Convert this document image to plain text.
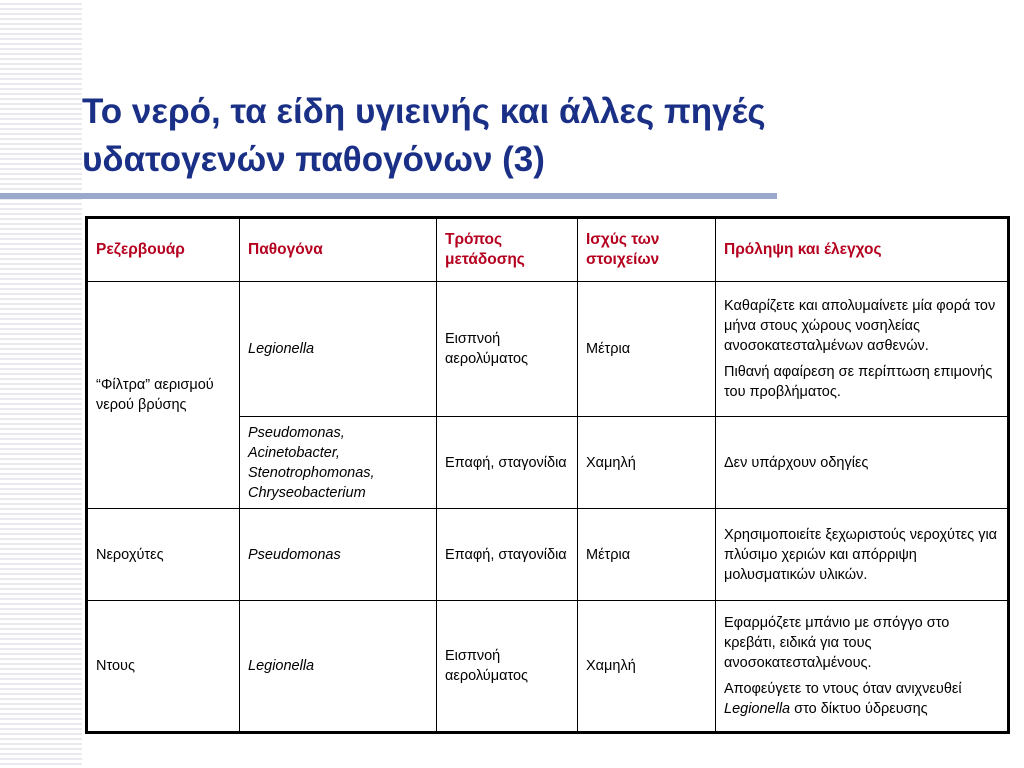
Το νερό, τα είδη υγιεινής και άλλες πηγές
υδατογενών παθογόνων (3)
Ρεζερβουάρ	Παθογόνα	Τρόπος μετάδοσης	Ισχύς των στοιχείων	Πρόληψη και έλεγχος
“Φίλτρα” αερισμού νερού βρύσης	Legionella	Εισπνοή αερολύματος	Μέτρια	Καθαρίζετε και απολυμαίνετε μία φορά τον μήνα στους χώρους νοσηλείας ανοσοκατεσταλμένων ασθενών.

Πιθανή αφαίρεση σε περίπτωση επιμονής του προβλήματος.

	Pseudomonas,
Acinetobacter,
Stenotrophomonas,
Chryseobacterium	Επαφή, σταγονίδια	Χαμηλή	Δεν υπάρχουν οδηγίες
Νεροχύτες	Pseudomonas	Επαφή, σταγονίδια	Μέτρια	Χρησιμοποιείτε ξεχωριστούς νεροχύτες για πλύσιμο χεριών και απόρριψη μολυσματικών υλικών.
Ντους	Legionella	Εισπνοή αερολύματος	Χαμηλή	Εφαρμόζετε μπάνιο με σπόγγο στο κρεβάτι, ειδικά για τους ανοσοκατεσταλμένους.

Αποφεύγετε το ντους όταν ανιχνευθεί Legionella στο δίκτυο ύδρευσης
